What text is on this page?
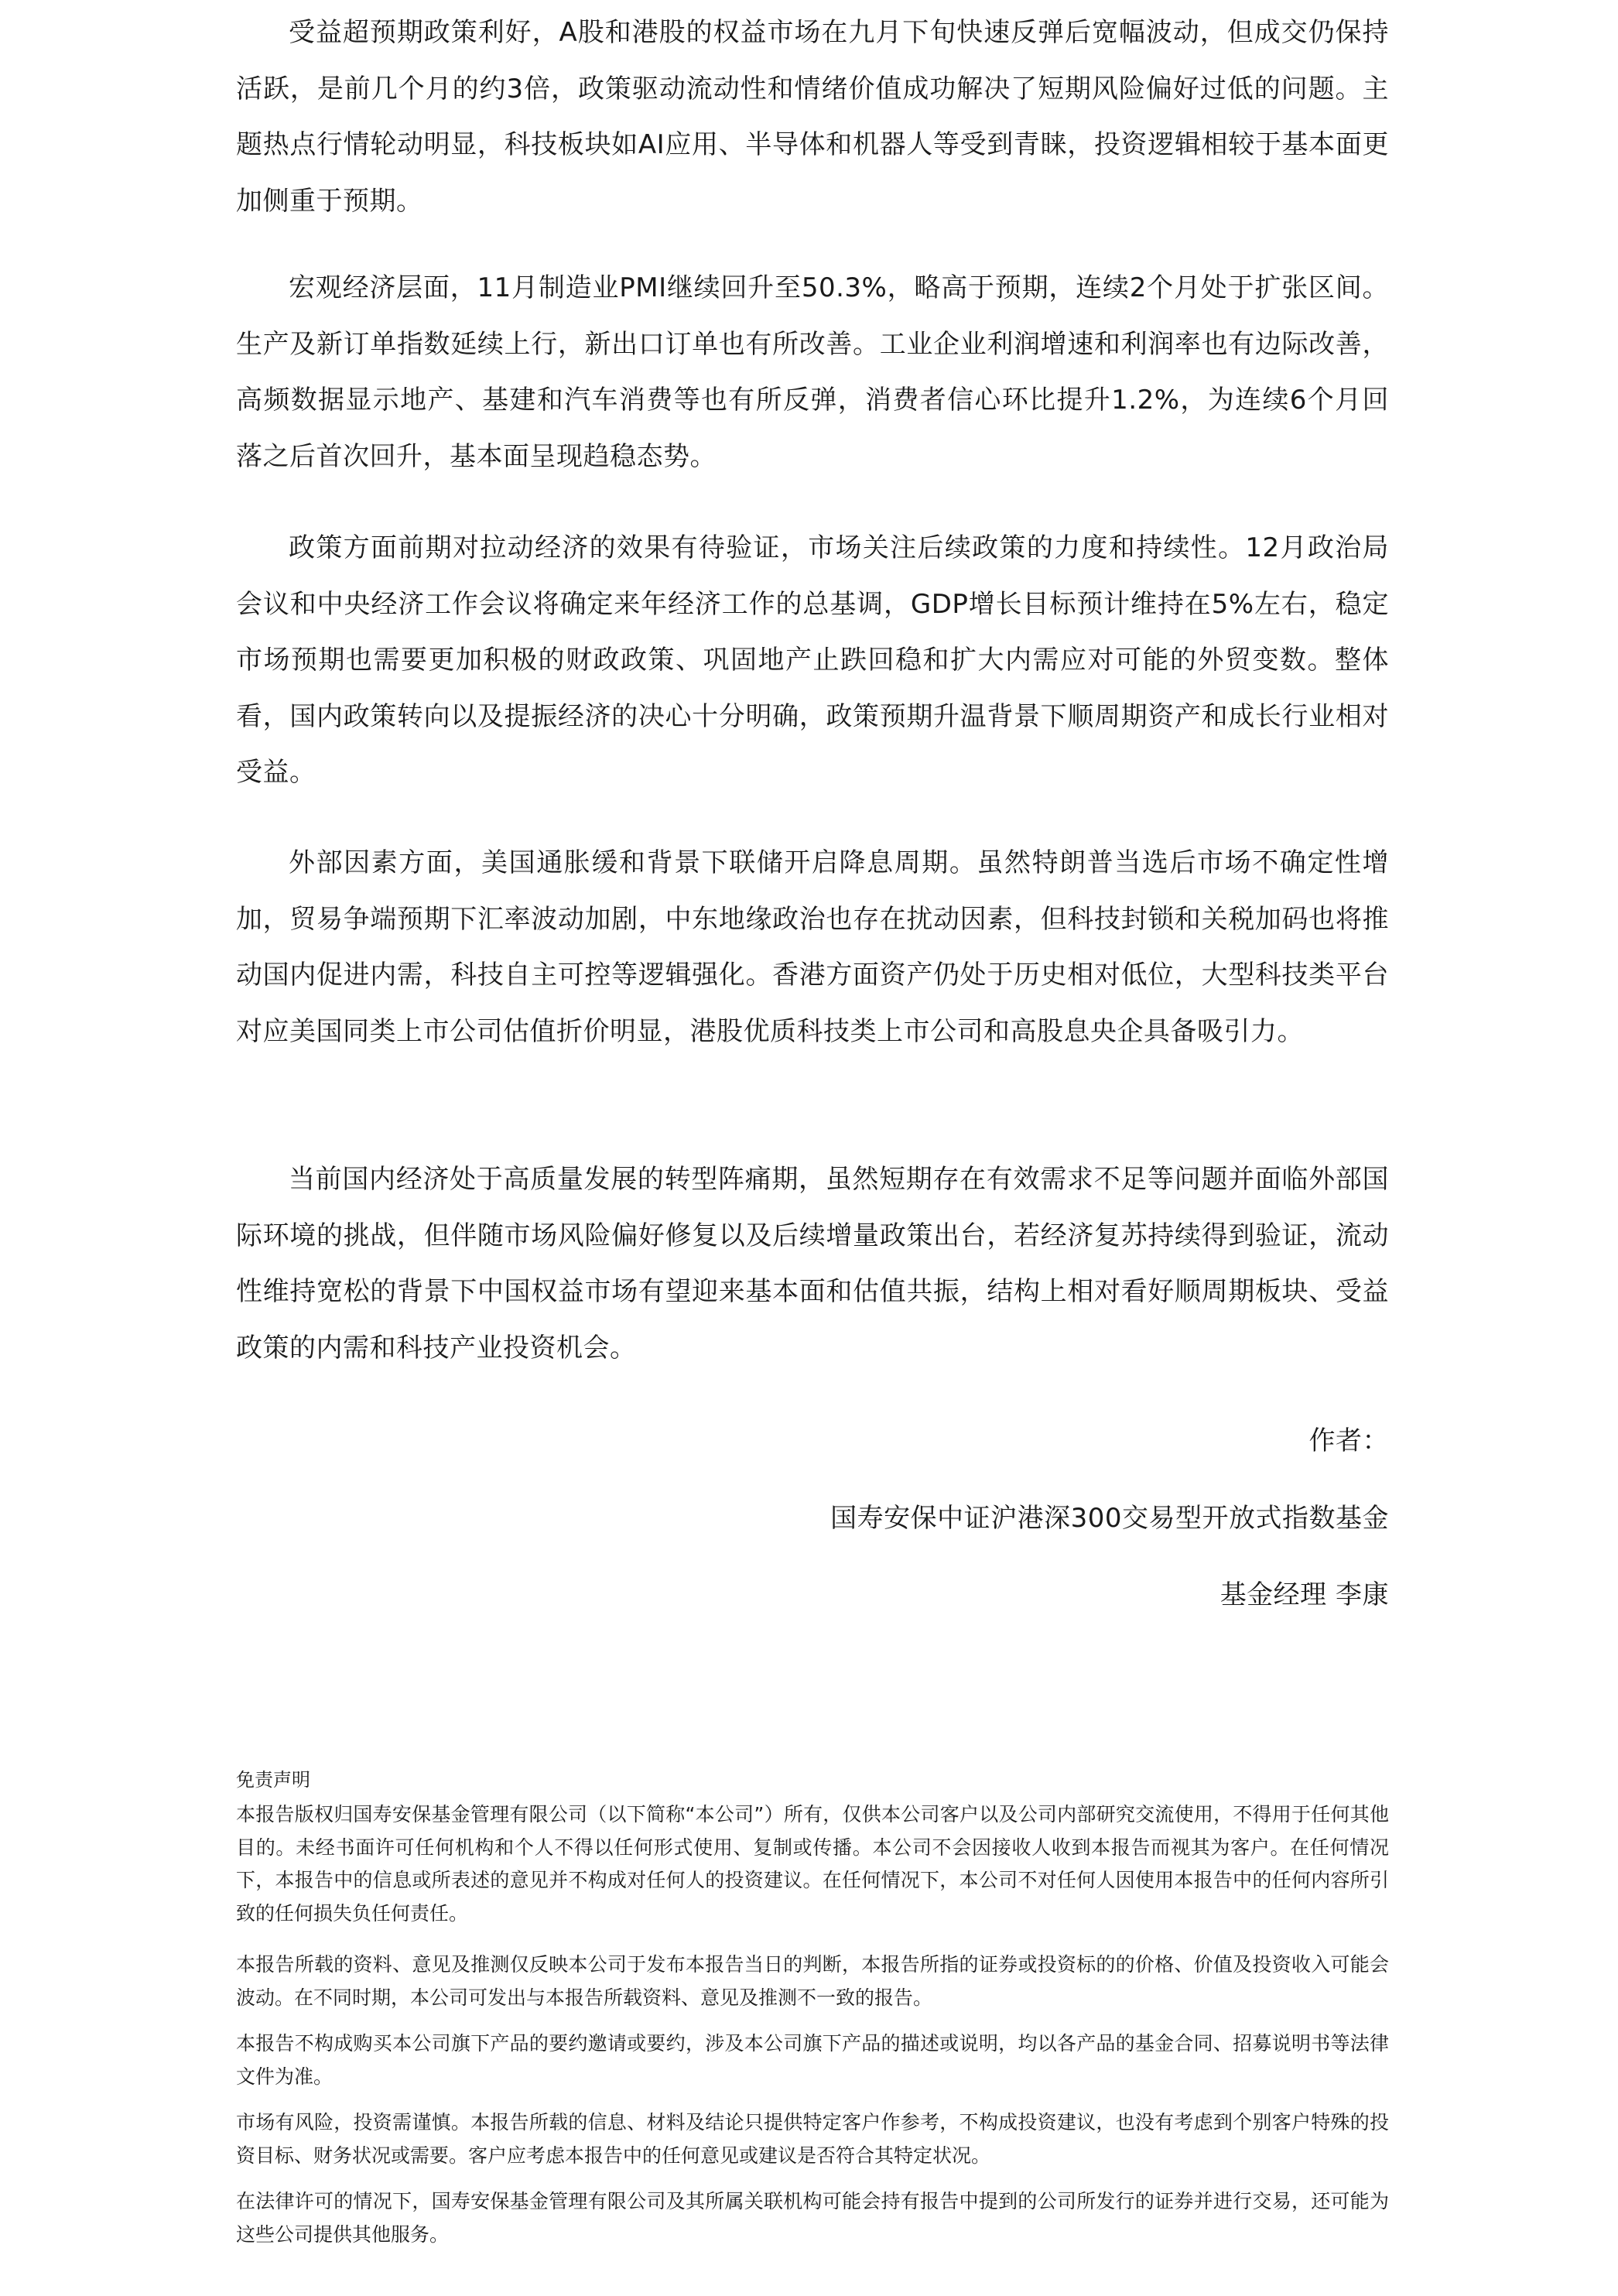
受益超预期政策利好，A股和港股的权益市场在九月下旬快速反弹后宽幅波动，但成交仍保持活跃，是前几个月的约3倍，政策驱动流动性和情绪价值成功解决了短期风险偏好过低的问题。主题热点行情轮动明显，科技板块如AI应用、半导体和机器人等受到青睐，投资逻辑相较于基本面更加侧重于预期。

宏观经济层面，11月制造业PMI继续回升至50.3%，略高于预期，连续2个月处于扩张区间。生产及新订单指数延续上行，新出口订单也有所改善。工业企业利润增速和利润率也有边际改善，高频数据显示地产、基建和汽车消费等也有所反弹，消费者信心环比提升1.2%，为连续6个月回落之后首次回升，基本面呈现趋稳态势。

政策方面前期对拉动经济的效果有待验证，市场关注后续政策的力度和持续性。12月政治局会议和中央经济工作会议将确定来年经济工作的总基调，GDP增长目标预计维持在5%左右，稳定市场预期也需要更加积极的财政政策、巩固地产止跌回稳和扩大内需应对可能的外贸变数。整体看，国内政策转向以及提振经济的决心十分明确，政策预期升温背景下顺周期资产和成长行业相对受益。

外部因素方面，美国通胀缓和背景下联储开启降息周期。虽然特朗普当选后市场不确定性增加，贸易争端预期下汇率波动加剧，中东地缘政治也存在扰动因素，但科技封锁和关税加码也将推动国内促进内需，科技自主可控等逻辑强化。香港方面资产仍处于历史相对低位，大型科技类平台对应美国同类上市公司估值折价明显，港股优质科技类上市公司和高股息央企具备吸引力。

当前国内经济处于高质量发展的转型阵痛期，虽然短期存在有效需求不足等问题并面临外部国际环境的挑战，但伴随市场风险偏好修复以及后续增量政策出台，若经济复苏持续得到验证，流动性维持宽松的背景下中国权益市场有望迎来基本面和估值共振，结构上相对看好顺周期板块、受益政策的内需和科技产业投资机会。

作者：
国寿安保中证沪港深300交易型开放式指数基金
基金经理 李康
免责声明

本报告版权归国寿安保基金管理有限公司（以下简称“本公司”）所有，仅供本公司客户以及公司内部研究交流使用，不得用于任何其他目的。未经书面许可任何机构和个人不得以任何形式使用、复制或传播。本公司不会因接收人收到本报告而视其为客户。在任何情况下，本报告中的信息或所表述的意见并不构成对任何人的投资建议。在任何情况下，本公司不对任何人因使用本报告中的任何内容所引致的任何损失负任何责任。

本报告所载的资料、意见及推测仅反映本公司于发布本报告当日的判断，本报告所指的证券或投资标的的价格、价值及投资收入可能会波动。在不同时期，本公司可发出与本报告所载资料、意见及推测不一致的报告。

本报告不构成购买本公司旗下产品的要约邀请或要约，涉及本公司旗下产品的描述或说明，均以各产品的基金合同、招募说明书等法律文件为准。

市场有风险，投资需谨慎。本报告所载的信息、材料及结论只提供特定客户作参考，不构成投资建议，也没有考虑到个别客户特殊的投资目标、财务状况或需要。客户应考虑本报告中的任何意见或建议是否符合其特定状况。

在法律许可的情况下，国寿安保基金管理有限公司及其所属关联机构可能会持有报告中提到的公司所发行的证券并进行交易，还可能为这些公司提供其他服务。
